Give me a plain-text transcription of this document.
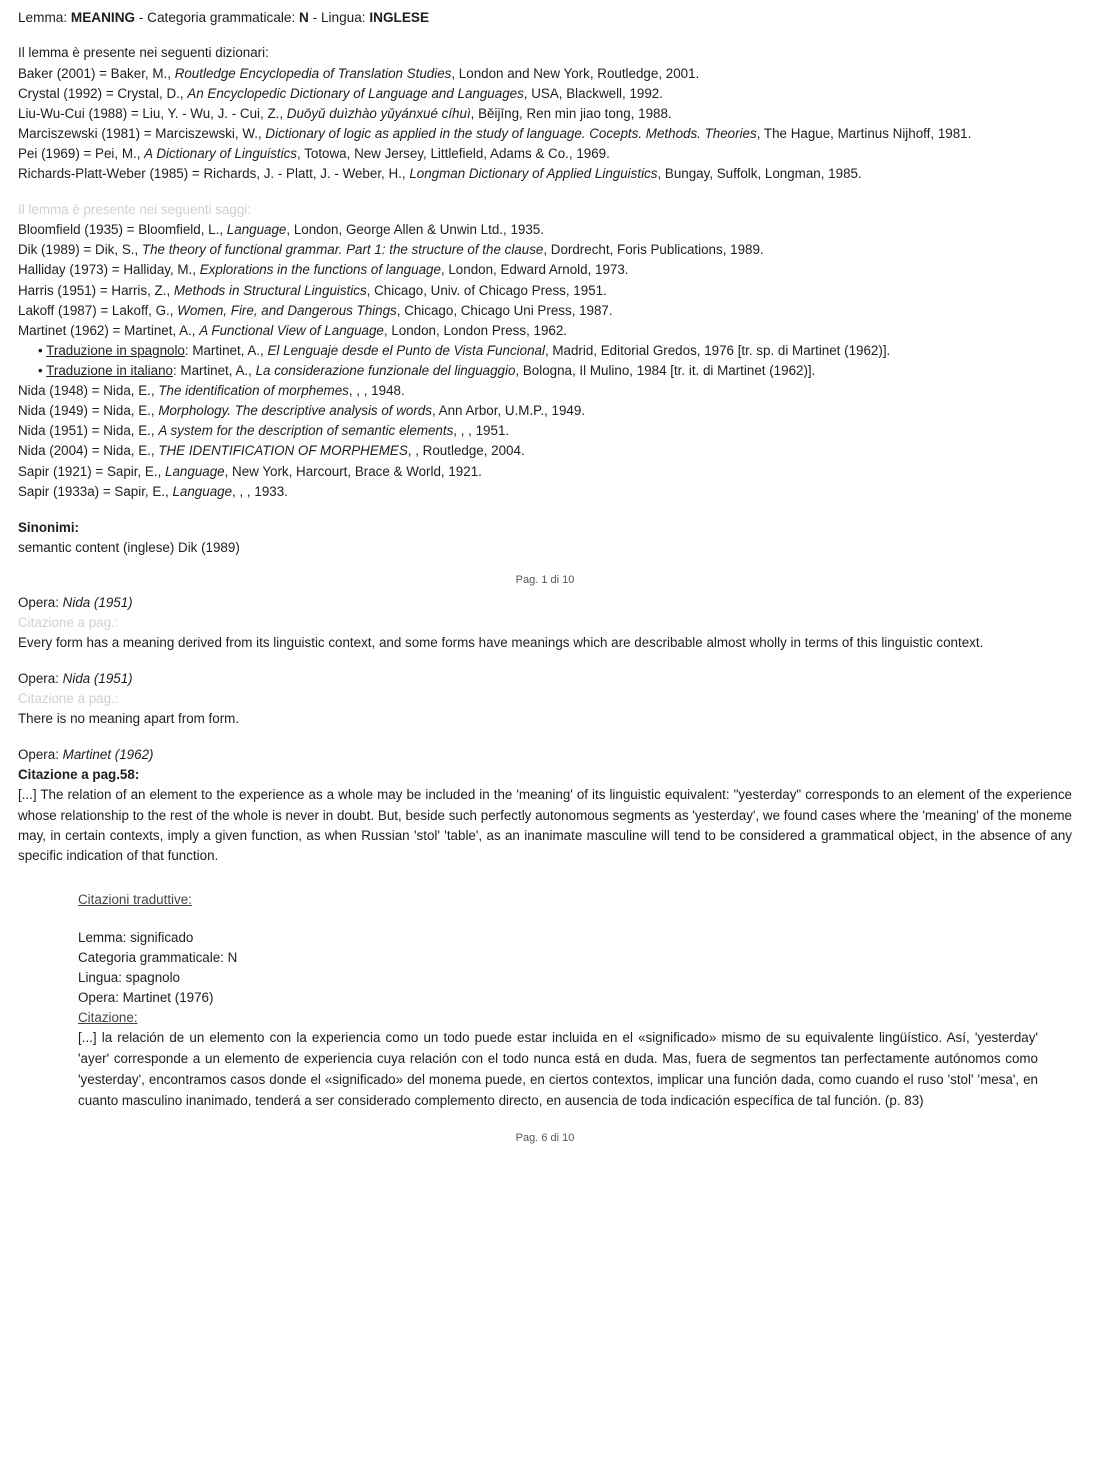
Lemma: MEANING - Categoria grammaticale: N - Lingua: INGLESE

Il lemma è presente nei seguenti dizionari:

Baker (2001) = Baker, M., Routledge Encyclopedia of Translation Studies, London and New York, Routledge, 2001.

Crystal (1992) = Crystal, D., An Encyclopedic Dictionary of Language and Languages, USA, Blackwell, 1992.

Liu-Wu-Cui (1988) = Liu, Y. - Wu, J. - Cui, Z., Duōyǔ duìzhào yǔyánxué cíhuì, Běijīng, Ren min jiao tong, 1988.

Marciszewski (1981) = Marciszewski, W., Dictionary of logic as applied in the study of language. Cocepts. Methods. Theories, The Hague, Martinus Nijhoff, 1981.

Pei (1969) = Pei, M., A Dictionary of Linguistics, Totowa, New Jersey, Littlefield, Adams & Co., 1969.

Richards-Platt-Weber (1985) = Richards, J. - Platt, J. - Weber, H., Longman Dictionary of Applied Linguistics, Bungay, Suffolk, Longman, 1985.

Il lemma è presente nei seguenti saggi:

Bloomfield (1935) = Bloomfield, L., Language, London, George Allen & Unwin Ltd., 1935.

Dik (1989) = Dik, S., The theory of functional grammar. Part 1: the structure of the clause, Dordrecht, Foris Publications, 1989.

Halliday (1973) = Halliday, M., Explorations in the functions of language, London, Edward Arnold, 1973.

Harris (1951) = Harris, Z., Methods in Structural Linguistics, Chicago, Univ. of Chicago Press, 1951.

Lakoff (1987) = Lakoff, G., Women, Fire, and Dangerous Things, Chicago, Chicago Uni Press, 1987.

Martinet (1962) = Martinet, A., A Functional View of Language, London, London Press, 1962.

• Traduzione in spagnolo: Martinet, A., El Lenguaje desde el Punto de Vista Funcional, Madrid, Editorial Gredos, 1976 [tr. sp. di Martinet (1962)].

• Traduzione in italiano: Martinet, A., La considerazione funzionale del linguaggio, Bologna, Il Mulino, 1984 [tr. it. di Martinet (1962)].

Nida (1948) = Nida, E., The identification of morphemes, , , 1948.

Nida (1949) = Nida, E., Morphology. The descriptive analysis of words, Ann Arbor, U.M.P., 1949.

Nida (1951) = Nida, E., A system for the description of semantic elements, , , 1951.

Nida (2004) = Nida, E., THE IDENTIFICATION OF MORPHEMES, , Routledge, 2004.

Sapir (1921) = Sapir, E., Language, New York, Harcourt, Brace & World, 1921.

Sapir (1933a) = Sapir, E., Language, , , 1933.

Sinonimi:

semantic content (inglese) Dik (1989)

Pag. 1 di 10

Opera: Nida (1951)

Citazione a pag.:

Every form has a meaning derived from its linguistic context, and some forms have meanings which are describable almost wholly in terms of this linguistic context.

Opera: Nida (1951)

Citazione a pag.:

There is no meaning apart from form.

Opera: Martinet (1962)

Citazione a pag.58:

[...] The relation of an element to the experience as a whole may be included in the 'meaning' of its linguistic equivalent: "yesterday" corresponds to an element of the experience whose relationship to the rest of the whole is never in doubt. But, beside such perfectly autonomous segments as 'yesterday', we found cases where the 'meaning' of the moneme may, in certain contexts, imply a given function, as when Russian 'stol' 'table', as an inanimate masculine will tend to be considered a grammatical object, in the absence of any specific indication of that function.

Citazioni traduttive:

Lemma: significado

Categoria grammaticale: N

Lingua: spagnolo

Opera: Martinet (1976)

Citazione:

[...] la relación de un elemento con la experiencia como un todo puede estar incluida en el «significado» mismo de su equivalente lingüístico. Así, 'yesterday' 'ayer' corresponde a un elemento de experiencia cuya relación con el todo nunca está en duda. Mas, fuera de segmentos tan perfectamente autónomos como 'yesterday', encontramos casos donde el «significado» del monema puede, en ciertos contextos, implicar una función dada, como cuando el ruso 'stol' 'mesa', en cuanto masculino inanimado, tenderá a ser considerado complemento directo, en ausencia de toda indicación específica de tal función. (p. 83)

Pag. 6 di 10
